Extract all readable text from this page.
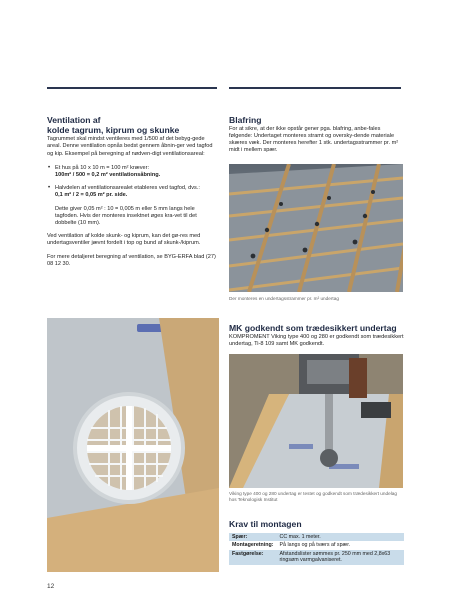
Ventilation af
kolde tagrum, kiprum og skunke

Tagrummet skal mindst ventileres med 1/500 af det bebyg-gede areal. Denne ventilation opnås bedst gennem åbnin-ger ved tagfod og kip. Eksempel på beregning af nødven-digt ventilationsareal:

• Et hus på 10 x 10 m = 100 m² kræver:
100m² / 500 = 0,2 m² ventilationsåbning.
• Halvdelen af ventilationsarealet etableres ved tagfod, dvs.:
0,1 m² / 2 = 0,05 m² pr. side.

Dette giver 0,05 m² : 10 = 0,005 m eller 5 mm langs hele tagfoden. Hvis der monteres insektnet øges kra-vet til det dobbelte (10 mm).

Ved ventilation af kolde skunk- og kiprum, kan det gø-res med undertagsventiler jævnt fordelt i top og bund af skunk-/kiprum.

For mere detaljeret beregning af ventilation, se BYG-ERFA blad (27) 08 12 30.

Blafring

For at sikre, at der ikke opstår gener pga. blafring, anbe-fales følgende: Undertaget monteres stramt og oversky-dende materiale skæres væk. Der monteres herefter 1 stk. undertagsstrammer pr. m² midt i mellem spær.

Der monteres en undertagsstrammer pr. m² undertag

MK godkendt som trædesikkert undertag

KOMPROMENT Viking type 400 og 280 er godkendt som trædesikkert undertag, Ti-8 109 samt MK godkendt.

Viking type 400 og 280 undertag er testet og godkendt som trædesikkert undelag hos Teknologisk Institut

Krav til montagen
Spær:	CC max. 1 meter.
Montageretning:	På langs og på tværs af spær.
Fastgørelse:	Afstandslister sømmes pr. 250 mm med 2,8x63 ringsøm varmgalvaniseret.
12
